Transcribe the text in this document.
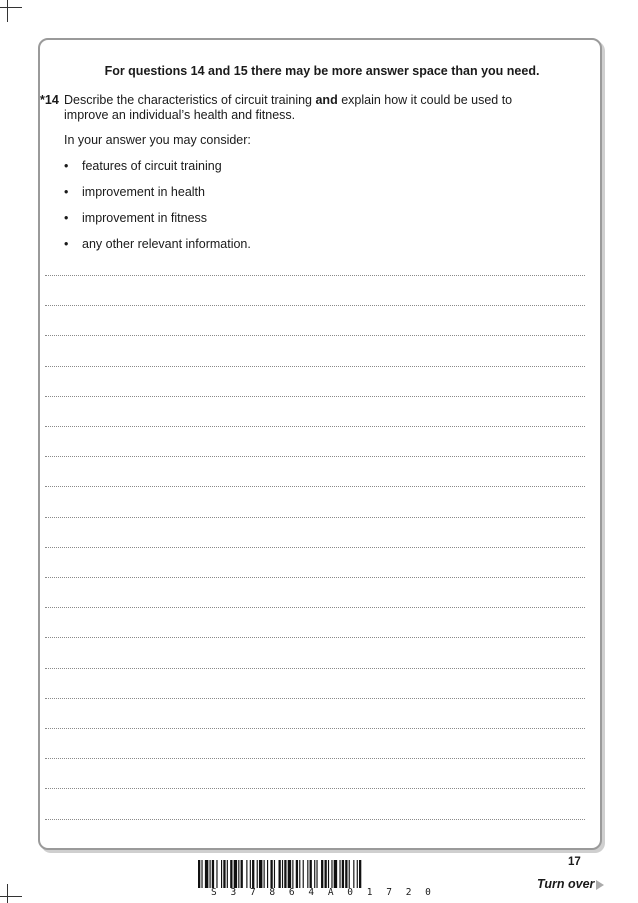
For questions 14 and 15 there may be more answer space than you need.
*14 Describe the characteristics of circuit training and explain how it could be used to improve an individual’s health and fitness.
In your answer you may consider:
• features of circuit training
• improvement in health
• improvement in fitness
• any other relevant information.
17
Turn over
S 3 7 8 6 4 A 0 1 7 2 0
